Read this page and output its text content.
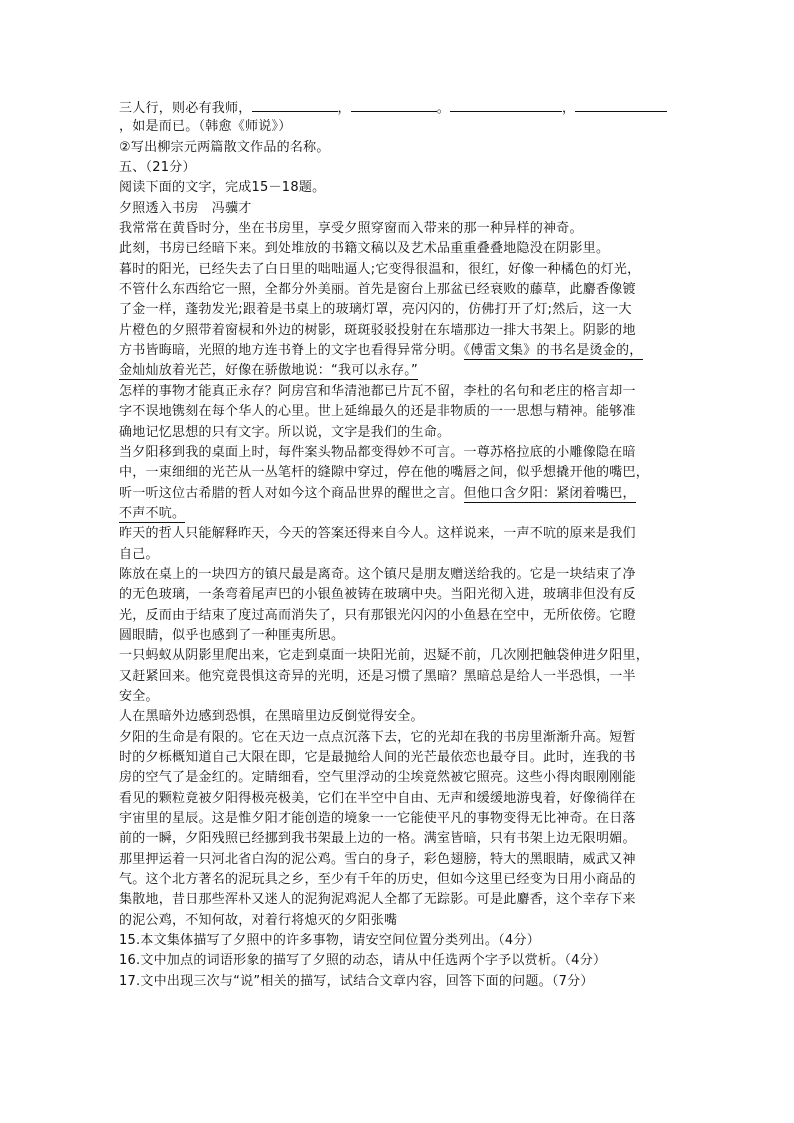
三人行，则必有我师，	，	。	，
，如是而已。（韩愈《师说》）
②写出柳宗元两篇散文作品的名称。
五、（21分）
阅读下面的文字，完成15－18题。
夕照透入书房　冯骥才
我常常在黄昏时分，坐在书房里，享受夕照穿窗而入带来的那一种异样的神奇。
此刻，书房已经暗下来。到处堆放的书籍文稿以及艺术品重重叠叠地隐没在阴影里。
暮时的阳光，已经失去了白日里的咄咄逼人;它变得很温和，很红，好像一种橘色的灯光，
不管什么东西给它一照，全都分外美丽。首先是窗台上那盆已经衰败的藤草，此麝香像镀
了金一样，蓬勃发光;跟着是书桌上的玻璃灯罩，亮闪闪的，仿佛打开了灯;然后，这一大
片橙色的夕照带着窗棂和外边的树影，斑斑驳驳投射在东墙那边一排大书架上。阴影的地
方书皆晦暗，光照的地方连书脊上的文字也看得异常分明。《傅雷文集》的书名是烫金的，
金灿灿放着光芒，好像在骄傲地说：“我可以永存。”
怎样的事物才能真正永存？阿房宫和华清池都已片瓦不留，李杜的名句和老庄的格言却一
字不误地镌刻在每个华人的心里。世上延绵最久的还是非物质的一一思想与精神。能够准
确地记忆思想的只有文字。所以说，文字是我们的生命。
当夕阳移到我的桌面上时，每件案头物品都变得妙不可言。一尊苏格拉底的小雕像隐在暗
中，一束细细的光芒从一丛笔杆的缝隙中穿过，停在他的嘴唇之间，似乎想撬开他的嘴巴，
听一听这位古希腊的哲人对如今这个商品世界的醒世之言。但他口含夕阳：紧闭着嘴巴，
不声不吭。
昨天的哲人只能解释昨天，今天的答案还得来自今人。这样说来，一声不吭的原来是我们
自己。
陈放在桌上的一块四方的镇尺最是离奇。这个镇尺是朋友赠送给我的。它是一块结束了净
的无色玻璃，一条弯着尾声巴的小银鱼被铸在玻璃中央。当阳光彻入进，玻璃非但没有反
光，反而由于结束了度过高而消失了，只有那银光闪闪的小鱼悬在空中，无所依傍。它瞪
圆眼睛，似乎也感到了一种匪夷所思。
一只蚂蚁从阴影里爬出来，它走到桌面一块阳光前，迟疑不前，几次刚把触袋伸进夕阳里，
又赶紧回来。他究竟畏惧这奇异的光明，还是习惯了黑暗？黑暗总是给人一半恐惧，一半
安全。
人在黑暗外边感到恐惧，在黑暗里边反倒觉得安全。
夕阳的生命是有限的。它在天边一点点沉落下去，它的光却在我的书房里渐渐升高。短暂
时的夕栎概知道自己大限在即，它是最抛给人间的光芒最依恋也最夺目。此时，连我的书
房的空气了是金红的。定睛细看，空气里浮动的尘埃竟然被它照亮。这些小得肉眼刚刚能
看见的颗粒竟被夕阳得极亮极美，它们在半空中自由、无声和缓缓地游曳着，好像徜徉在
宇宙里的星辰。这是惟夕阳才能创造的境象一一它能使平凡的事物变得无比神奇。在日落
前的一瞬，夕阳残照已经挪到我书架最上边的一格。满室皆暗，只有书架上边无限明媚。
那里押运着一只河北省白沟的泥公鸡。雪白的身子，彩色翅膀，特大的黑眼睛，威武又神
气。这个北方著名的泥玩具之乡，至少有千年的历史，但如今这里已经变为日用小商品的
集散地，昔日那些浑朴又迷人的泥狗泥鸡泥人全都了无踪影。可是此麝香，这个幸存下来
的泥公鸡，不知何故，对着行将熄灭的夕阳张嘴
15.本文集体描写了夕照中的许多事物，请安空间位置分类列出。（4分）
16.文中加点的词语形象的描写了夕照的动态，请从中任选两个字予以赏析。（4分）
17.文中出现三次与“说”相关的描写，试结合文章内容，回答下面的问题。（7分）
